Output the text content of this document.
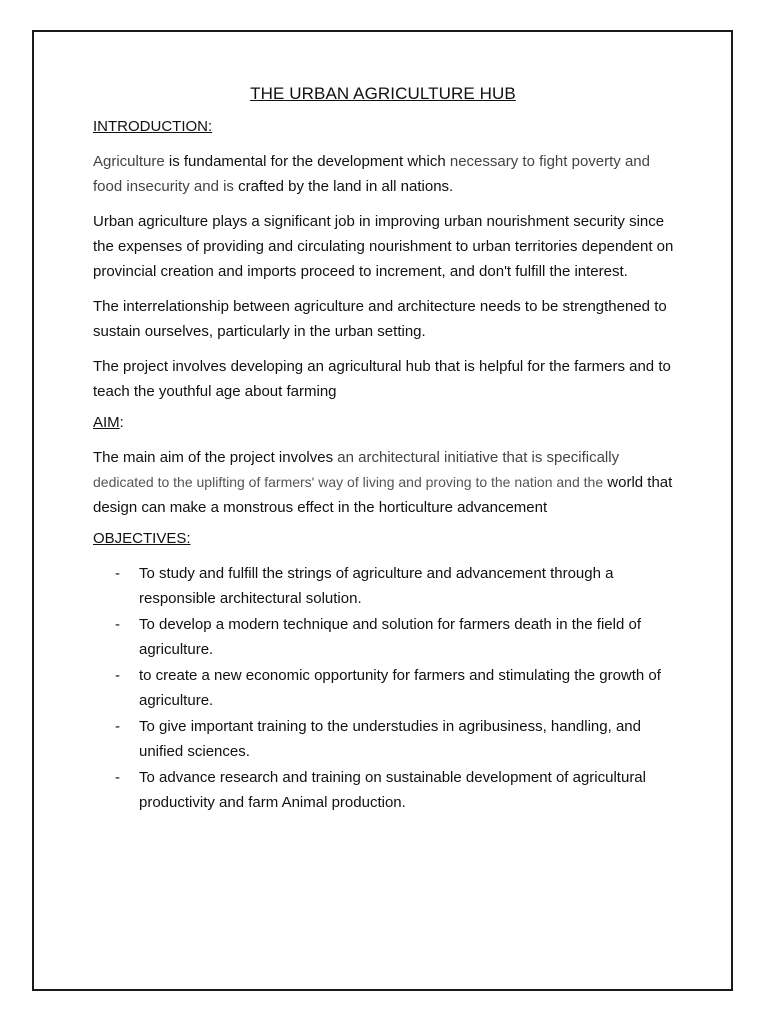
THE URBAN AGRICULTURE HUB
INTRODUCTION:

Agriculture is fundamental for the development which necessary to fight poverty and food insecurity and is crafted by the land in all nations.

Urban agriculture plays a significant job in improving urban nourishment security since the expenses of providing and circulating nourishment to urban territories dependent on provincial creation and imports proceed to increment, and don't fulfill the interest.

The interrelationship between agriculture and architecture needs to be strengthened to sustain ourselves, particularly in the urban setting.

The project involves developing an agricultural hub that is helpful for the farmers and to teach the youthful age about farming

AIM:

The main aim of the project involves an architectural initiative that is specifically dedicated to the uplifting of farmers' way of living and proving to the nation and the world that design can make a monstrous effect in the horticulture advancement

OBJECTIVES:
- To study and fulfill the strings of agriculture and advancement through a responsible architectural solution.
- To develop a modern technique and solution for farmers death in the field of agriculture.
- to create a new economic opportunity for farmers and stimulating the growth of agriculture.
- To give important training to the understudies in agribusiness, handling, and unified sciences.
- To advance research and training on sustainable development of agricultural productivity and farm Animal production.
